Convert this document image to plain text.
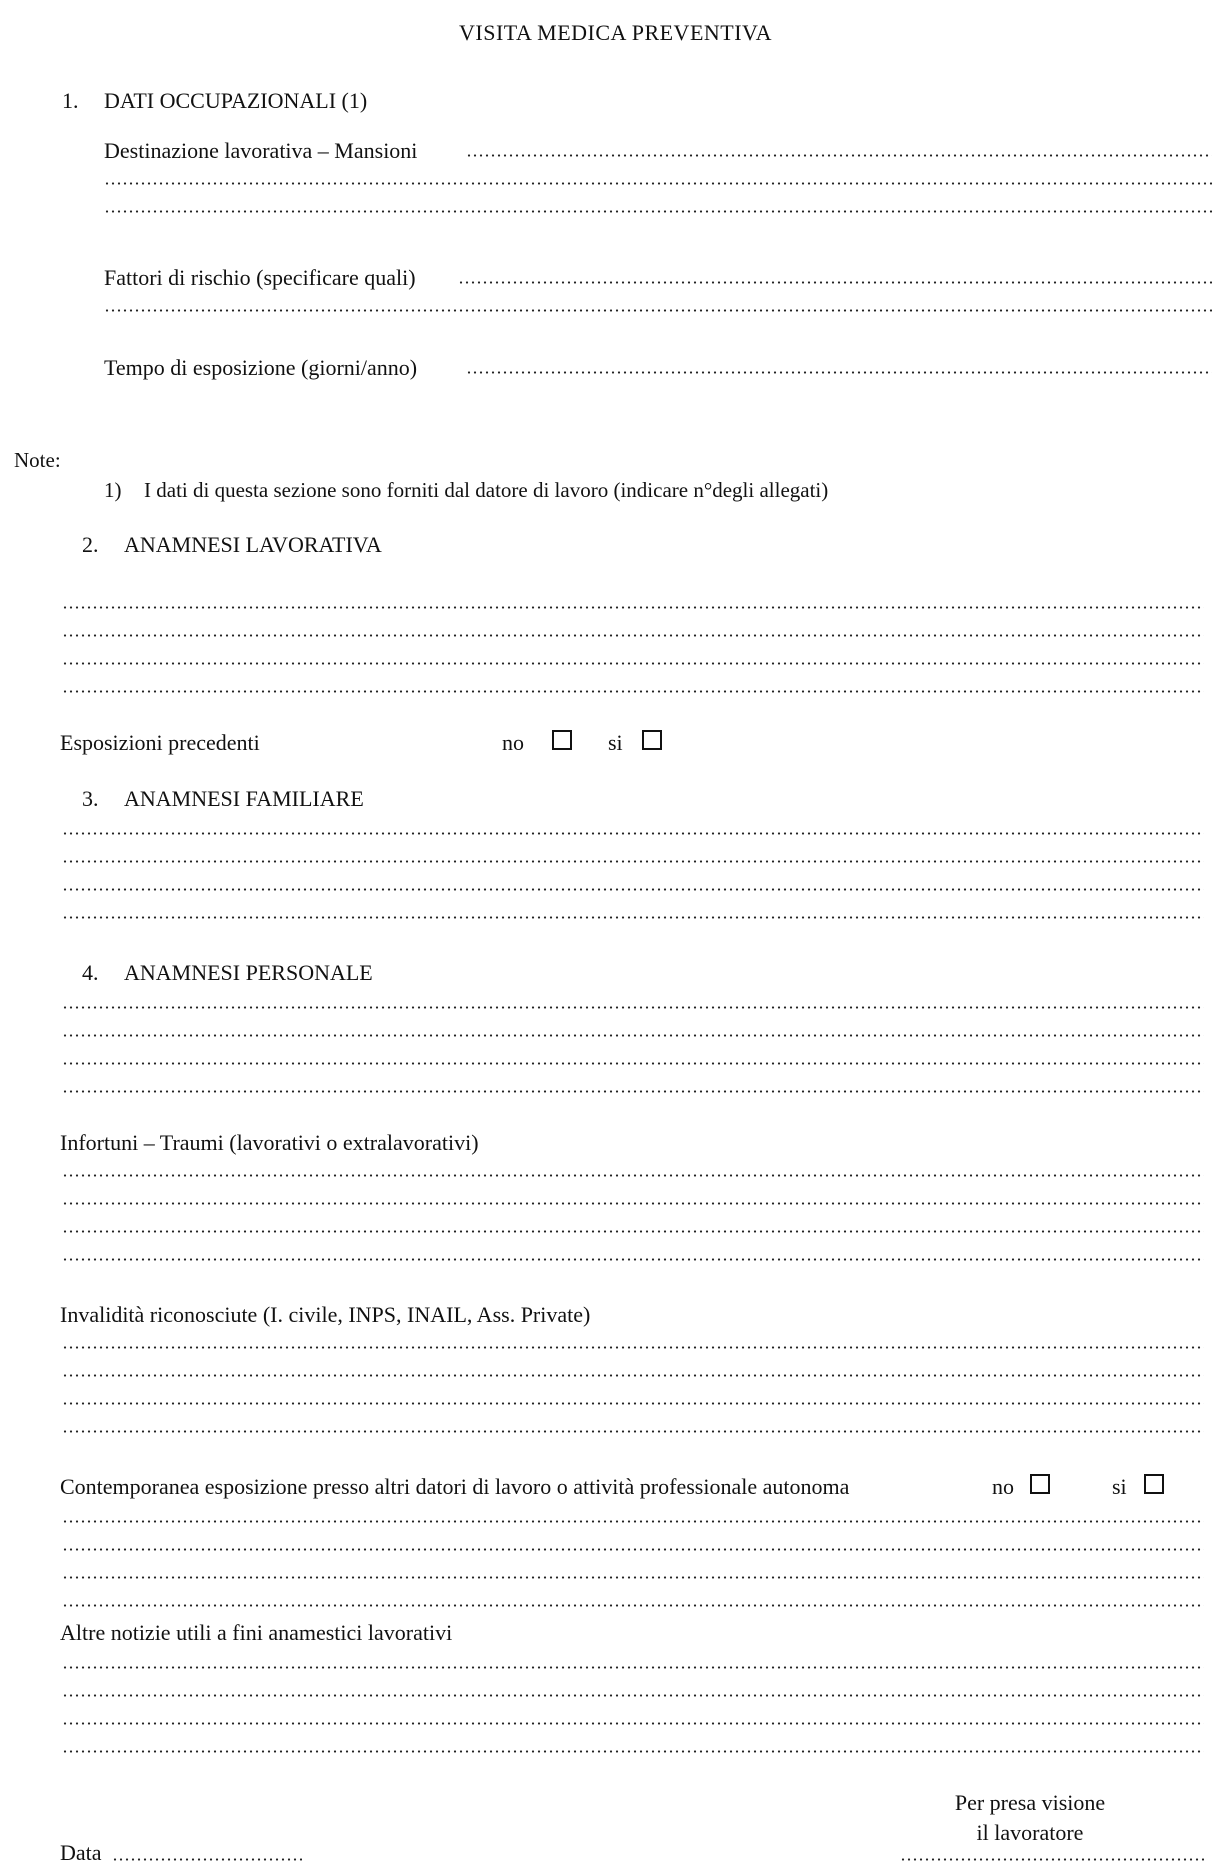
VISITA MEDICA PREVENTIVA
1. DATI OCCUPAZIONALI (1)
Destinazione lavorativa – Mansioni
Fattori di rischio (specificare quali)
Tempo di esposizione (giorni/anno)
Note:
1) I dati di questa sezione sono forniti dal datore di lavoro (indicare n°degli allegati)
2. ANAMNESI LAVORATIVA
Esposizioni precedenti	no	si
3. ANAMNESI FAMILIARE
4. ANAMNESI PERSONALE
Infortuni – Traumi (lavorativi o extralavorativi)
Invalidità riconosciute (I. civile, INPS, INAIL, Ass. Private)
Contemporanea esposizione presso altri datori di lavoro o attività professionale autonoma	no	si
Altre notizie utili a fini anamestici lavorativi
Per presa visione
il lavoratore
Data
